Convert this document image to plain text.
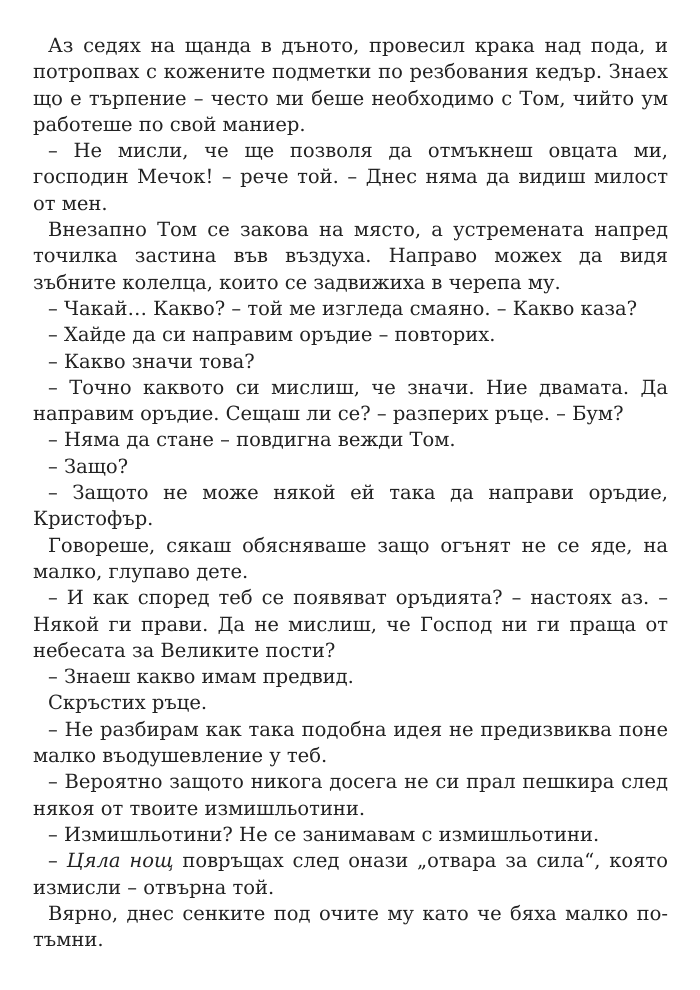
Аз седях на щанда в дъното, провесил крака над пода, и потропвах с кожените подметки по резбования кедър. Знаех що е търпение – често ми беше необходимо с Том, чийто ум работеше по свой маниер.

– Не мисли, че ще позволя да отмъкнеш овцата ми, господин Мечок! – рече той. – Днес няма да видиш милост от мен.

Внезапно Том се закова на място, а устремената напред точилка застина във въздуха. Направо можех да видя зъбните колелца, които се задвижиха в черепа му.

– Чакай… Какво? – той ме изгледа смаяно. – Какво каза?

– Хайде да си направим оръдие – повторих.

– Какво значи това?

– Точно каквото си мислиш, че значи. Ние двамата. Да направим оръдие. Сещаш ли се? – разперих ръце. – Бум?

– Няма да стане – повдигна вежди Том.

– Защо?

– Защото не може някой ей така да направи оръдие, Кристофър.

Говореше, сякаш обясняваше защо огънят не се яде, на малко, глупаво дете.

– И как според теб се появяват оръдията? – настоях аз. – Някой ги прави. Да не мислиш, че Господ ни ги праща от небесата за Великите пости?

– Знаеш какво имам предвид.

Скръстих ръце.

– Не разбирам как така подобна идея не предизвиква поне малко въодушевление у теб.

– Вероятно защото никога досега не си прал пешкира след някоя от твоите измишльотини.

– Измишльотини? Не се занимавам с измишльотини.

– Цяла нощ повръщах след онази „отвара за сила“, която измисли – отвърна той.

Вярно, днес сенките под очите му като че бяха малко по-тъмни.
